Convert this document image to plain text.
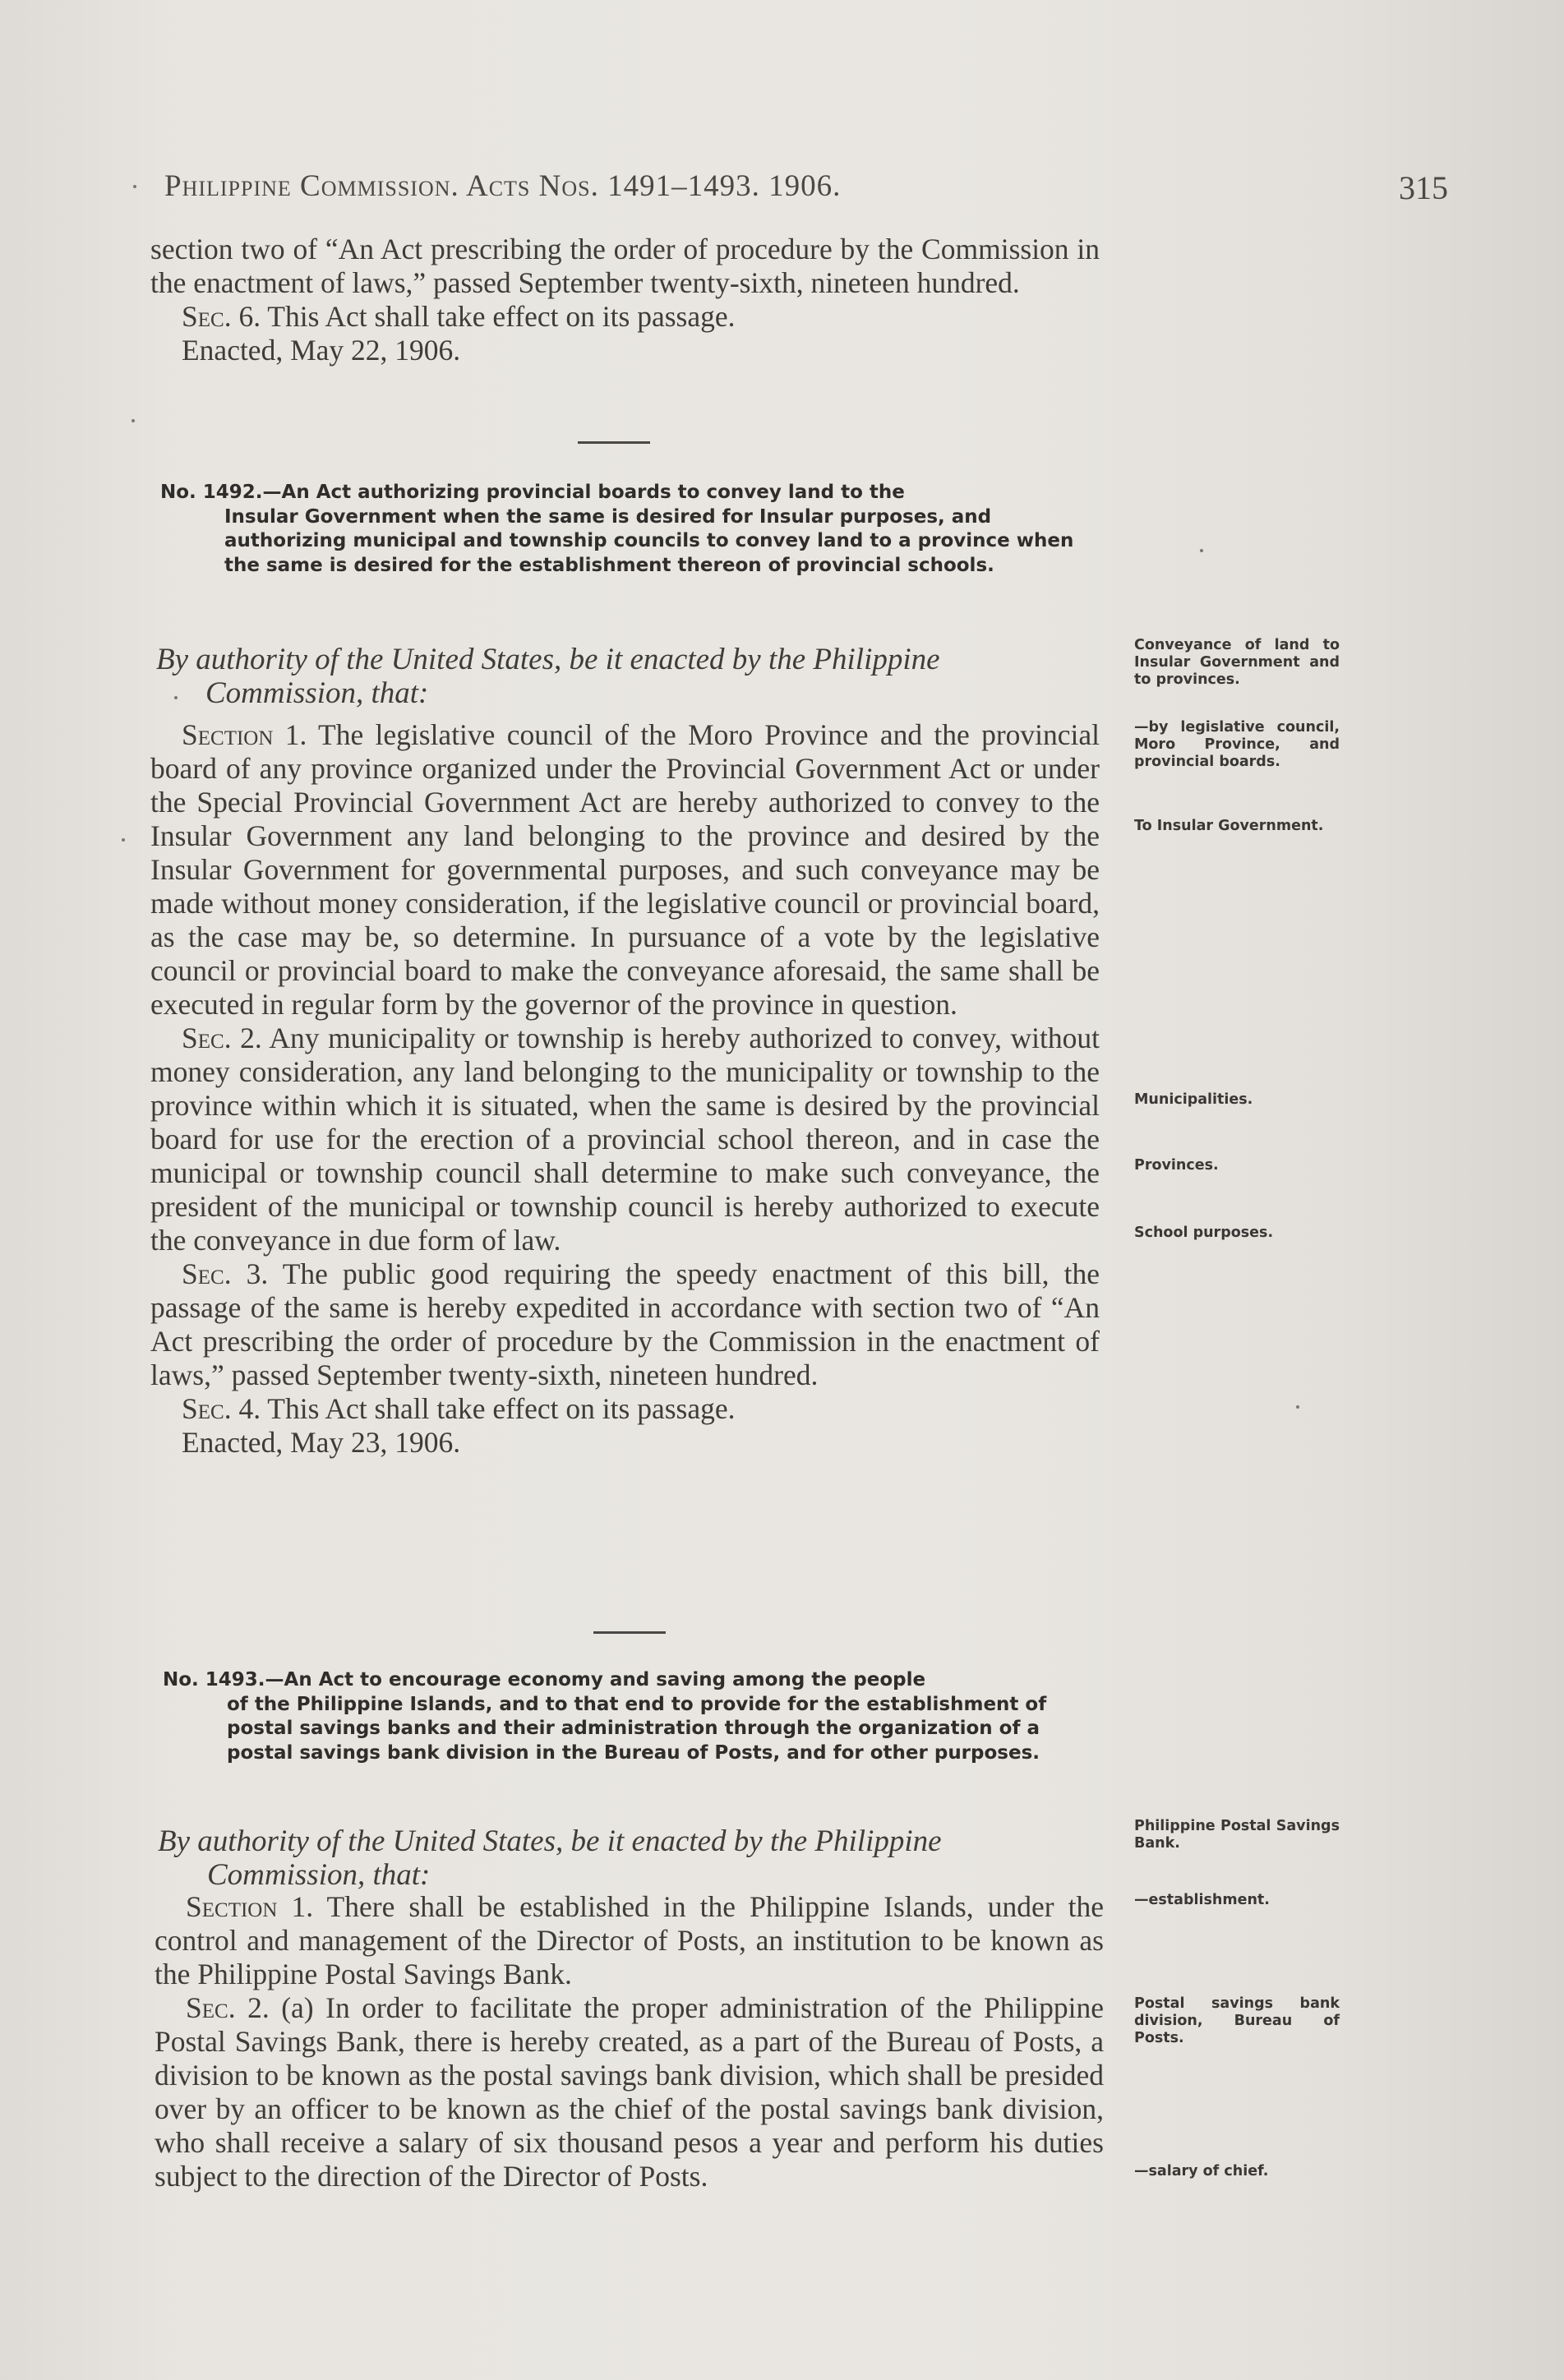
Philippine Commission. Acts Nos. 1491–1493. 1906.	315

section two of “An Act prescribing the order of procedure by the Commission in the enactment of laws,” passed September twenty-sixth, nineteen hundred.

Sec. 6. This Act shall take effect on its passage.

Enacted, May 22, 1906.

No. 1492.—An Act authorizing provincial boards to convey land to the
Insular Government when the same is desired for Insular purposes, and authorizing municipal and township councils to convey land to a province when the same is desired for the establishment thereon of provincial schools.
By authority of the United States, be it enacted by the Philippine
Commission, that:

Section 1. The legislative council of the Moro Province and the provincial board of any province organized under the Provincial Government Act or under the Special Provincial Government Act are hereby authorized to convey to the Insular Government any land belonging to the province and desired by the Insular Government for governmental purposes, and such conveyance may be made without money consideration, if the legislative council or provincial board, as the case may be, so determine. In pursuance of a vote by the legislative council or provincial board to make the conveyance aforesaid, the same shall be executed in regular form by the governor of the province in question.

Sec. 2. Any municipality or township is hereby authorized to convey, without money consideration, any land belonging to the municipality or township to the province within which it is situated, when the same is desired by the provincial board for use for the erection of a provincial school thereon, and in case the municipal or township council shall determine to make such conveyance, the president of the municipal or township council is hereby authorized to execute the conveyance in due form of law.

Sec. 3. The public good requiring the speedy enactment of this bill, the passage of the same is hereby expedited in accordance with section two of “An Act prescribing the order of procedure by the Commission in the enactment of laws,” passed September twenty-sixth, nineteen hundred.

Sec. 4. This Act shall take effect on its passage.

Enacted, May 23, 1906.

Conveyance of land to Insular Government and to provinces.
—by legislative council, Moro Province, and provincial boards.
To Insular Government.
Municipalities.
Provinces.
School purposes.
No. 1493.—An Act to encourage economy and saving among the people
of the Philippine Islands, and to that end to provide for the establishment of postal savings banks and their administration through the organization of a postal savings bank division in the Bureau of Posts, and for other purposes.
By authority of the United States, be it enacted by the Philippine
Commission, that:

Section 1. There shall be established in the Philippine Islands, under the control and management of the Director of Posts, an institution to be known as the Philippine Postal Savings Bank.

Sec. 2. (a) In order to facilitate the proper administration of the Philippine Postal Savings Bank, there is hereby created, as a part of the Bureau of Posts, a division to be known as the postal savings bank division, which shall be presided over by an officer to be known as the chief of the postal savings bank division, who shall receive a salary of six thousand pesos a year and perform his duties subject to the direction of the Director of Posts.

Philippine Postal Savings Bank.
—establishment.
Postal savings bank division, Bureau of Posts.
—salary of chief.
